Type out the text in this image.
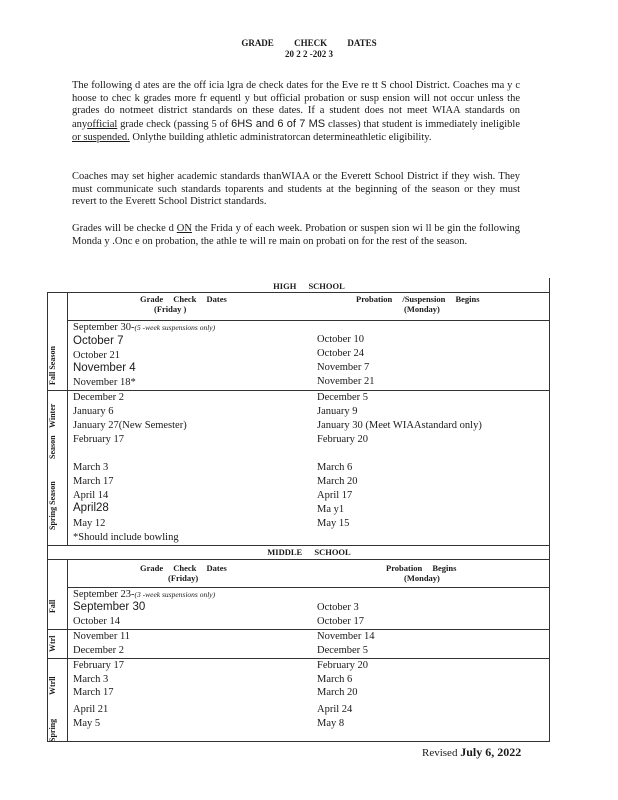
GRADE CHECK DATES
20 2 2 -202 3
The following d ates are the off icia lgra de check dates for the Eve re tt S chool District. Coaches ma y c hoose to chec k grades more fr equentl y but official probation or susp ension will not occur unless the grades do notmeet district standards on these dates. If a student does not meet WIAA standards on anyofficial grade check (passing 5 of 6HS and 6 of 7 MS classes) that student is immediately ineligible or suspended. Onlythe building athletic administratorcan determineathletic eligibility.
Coaches may set higher academic standards thanWIAA or the Everett School District if they wish. They must communicate such standards toparents and students at the beginning of the season or they must revert to the Everett School District standards.
Grades will be checke d ON the Frida y of each week. Probation or suspen sion wi ll be gin the following Monda y .Onc e on probation, the athle te will re main on probati on for the rest of the season.
HIGH SCHOOL
Grade Check Dates
(Friday )
Probation /Suspension Begins
(Monday)
Fall Season
September 30-(5 -week suspensions only)
October 7
October 21
November 4
November 18*
October 10
October 24
November 7
November 21
Winter
Season
December 2
January 6
January 27(New Semester)
February 17
December 5
January 9
January 30 (Meet WIAAstandard only)
February 20
Spring Season
March 3
March 17
April 14
April28
May 12
March 6
March 20
April 17
Ma y1
May 15
*Should include bowling
MIDDLE SCHOOL
Grade Check Dates
(Friday)
Probation Begins
(Monday)
Fall
September 23-(3 -week suspensions only)
September 30
October 14
October 3
October 17
Wtrl November 11
December 2
November 14
December 5
Wtrll
Spring
February 17
March 3
March 17
April 21
May 5
February 20
March 6
March 20
April 24
May 8
Revised July 6, 2022
